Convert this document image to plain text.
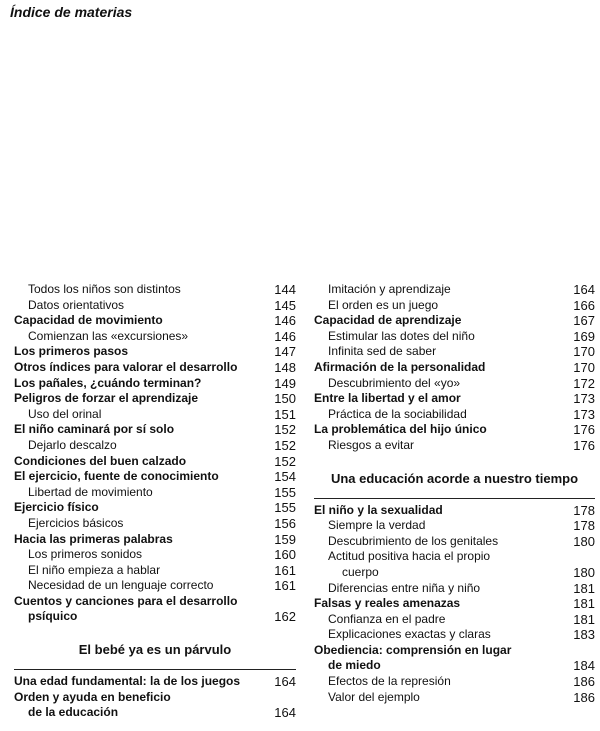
Índice de materias
Todos los niños son distintos	144
Datos orientativos	145
Capacidad de movimiento	146
Comienzan las «excursiones»	146
Los primeros pasos	147
Otros índices para valorar el desarrollo	148
Los pañales, ¿cuándo terminan?	149
Peligros de forzar el aprendizaje	150
Uso del orinal	151
El niño caminará por sí solo	152
Dejarlo descalzo	152
Condiciones del buen calzado	152
El ejercicio, fuente de conocimiento	154
Libertad de movimiento	155
Ejercicio físico	155
Ejercicios básicos	156
Hacia las primeras palabras	159
Los primeros sonidos	160
El niño empieza a hablar	161
Necesidad de un lenguaje correcto	161
Cuentos y canciones para el desarrollo
psíquico	162
El bebé ya es un párvulo
Una edad fundamental: la de los juegos	164
Orden y ayuda en beneficio
de la educación	164
Imitación y aprendizaje	164
El orden es un juego	166
Capacidad de aprendizaje	167
Estimular las dotes del niño	169
Infinita sed de saber	170
Afirmación de la personalidad	170
Descubrimiento del «yo»	172
Entre la libertad y el amor	173
Práctica de la sociabilidad	173
La problemática del hijo único	176
Riesgos a evitar	176
Una educación acorde a nuestro tiempo
El niño y la sexualidad	178
Siempre la verdad	178
Descubrimiento de los genitales	180
Actitud positiva hacia el propio
cuerpo	180
Diferencias entre niña y niño	181
Falsas y reales amenazas	181
Confianza en el padre	181
Explicaciones exactas y claras	183
Obediencia: comprensión en lugar
de miedo	184
Efectos de la represión	186
Valor del ejemplo	186
